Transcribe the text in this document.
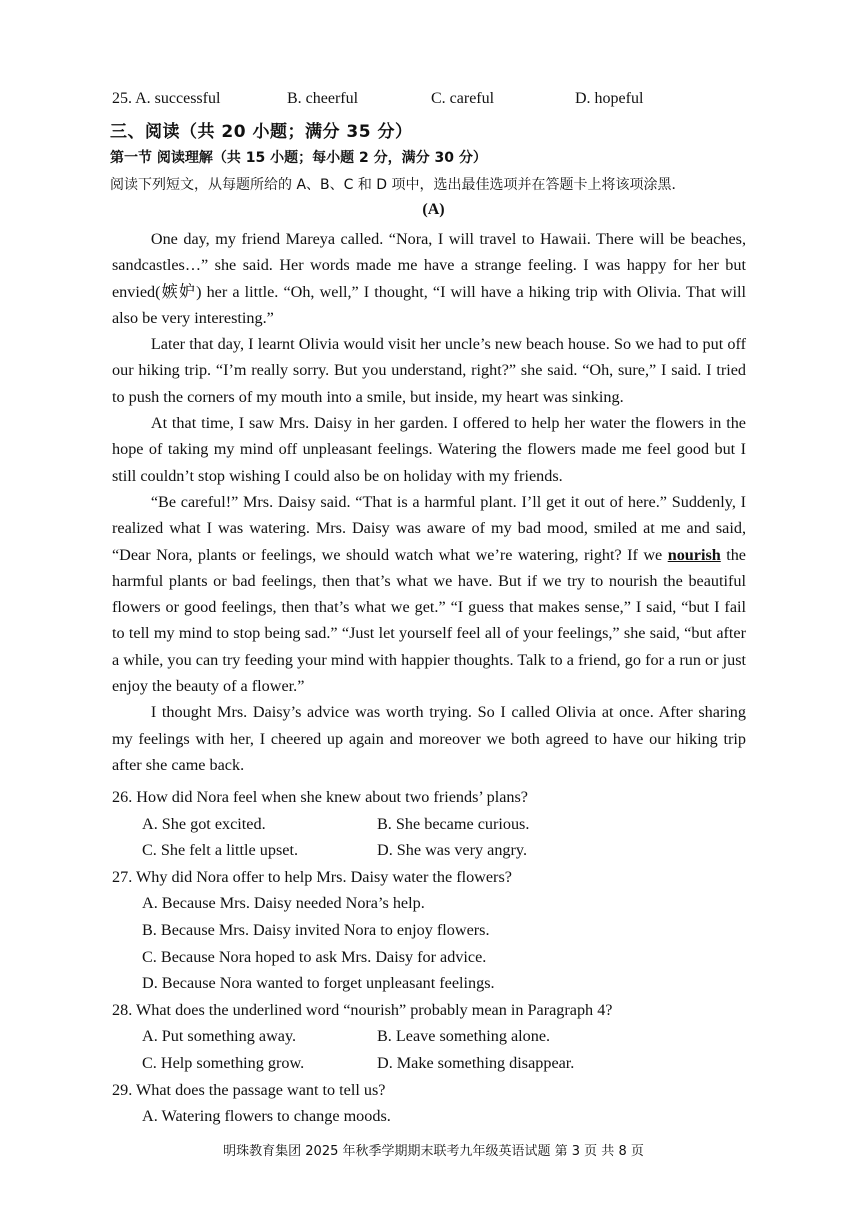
25. A. successful	B. cheerful	C. careful	D. hopeful
三、阅读（共 20 小题；满分 35 分）
第一节 阅读理解（共 15 小题；每小题 2 分，满分 30 分）
阅读下列短文，从每题所给的 A、B、C 和 D 项中，选出最佳选项并在答题卡上将该项涂黑．
(A)

One day, my friend Mareya called. “Nora, I will travel to Hawaii. There will be beaches, sandcastles…” she said. Her words made me have a strange feeling. I was happy for her but envied(嫉妒) her a little. “Oh, well,” I thought, “I will have a hiking trip with Olivia. That will also be very interesting.”

Later that day, I learnt Olivia would visit her uncle’s new beach house. So we had to put off our hiking trip. “I’m really sorry. But you understand, right?” she said. “Oh, sure,” I said. I tried to push the corners of my mouth into a smile, but inside, my heart was sinking.

At that time, I saw Mrs. Daisy in her garden. I offered to help her water the flowers in the hope of taking my mind off unpleasant feelings. Watering the flowers made me feel good but I still couldn’t stop wishing I could also be on holiday with my friends.

“Be careful!” Mrs. Daisy said. “That is a harmful plant. I’ll get it out of here.” Suddenly, I realized what I was watering. Mrs. Daisy was aware of my bad mood, smiled at me and said, “Dear Nora, plants or feelings, we should watch what we’re watering, right? If we nourish the harmful plants or bad feelings, then that’s what we have. But if we try to nourish the beautiful flowers or good feelings, then that’s what we get.” “I guess that makes sense,” I said, “but I fail to tell my mind to stop being sad.” “Just let yourself feel all of your feelings,” she said, “but after a while, you can try feeding your mind with happier thoughts. Talk to a friend, go for a run or just enjoy the beauty of a flower.”

I thought Mrs. Daisy’s advice was worth trying. So I called Olivia at once. After sharing my feelings with her, I cheered up again and moreover we both agreed to have our hiking trip after she came back.

26. How did Nora feel when she knew about two friends’ plans?
A. She got excited.	B. She became curious.
C. She felt a little upset.	D. She was very angry.
27. Why did Nora offer to help Mrs. Daisy water the flowers?
A. Because Mrs. Daisy needed Nora’s help.
B. Because Mrs. Daisy invited Nora to enjoy flowers.
C. Because Nora hoped to ask Mrs. Daisy for advice.
D. Because Nora wanted to forget unpleasant feelings.
28. What does the underlined word “nourish” probably mean in Paragraph 4?
A. Put something away.	B. Leave something alone.
C. Help something grow.	D. Make something disappear.
29. What does the passage want to tell us?
A. Watering flowers to change moods.
明珠教育集团 2025 年秋季学期期末联考九年级英语试题 第 3 页 共 8 页
